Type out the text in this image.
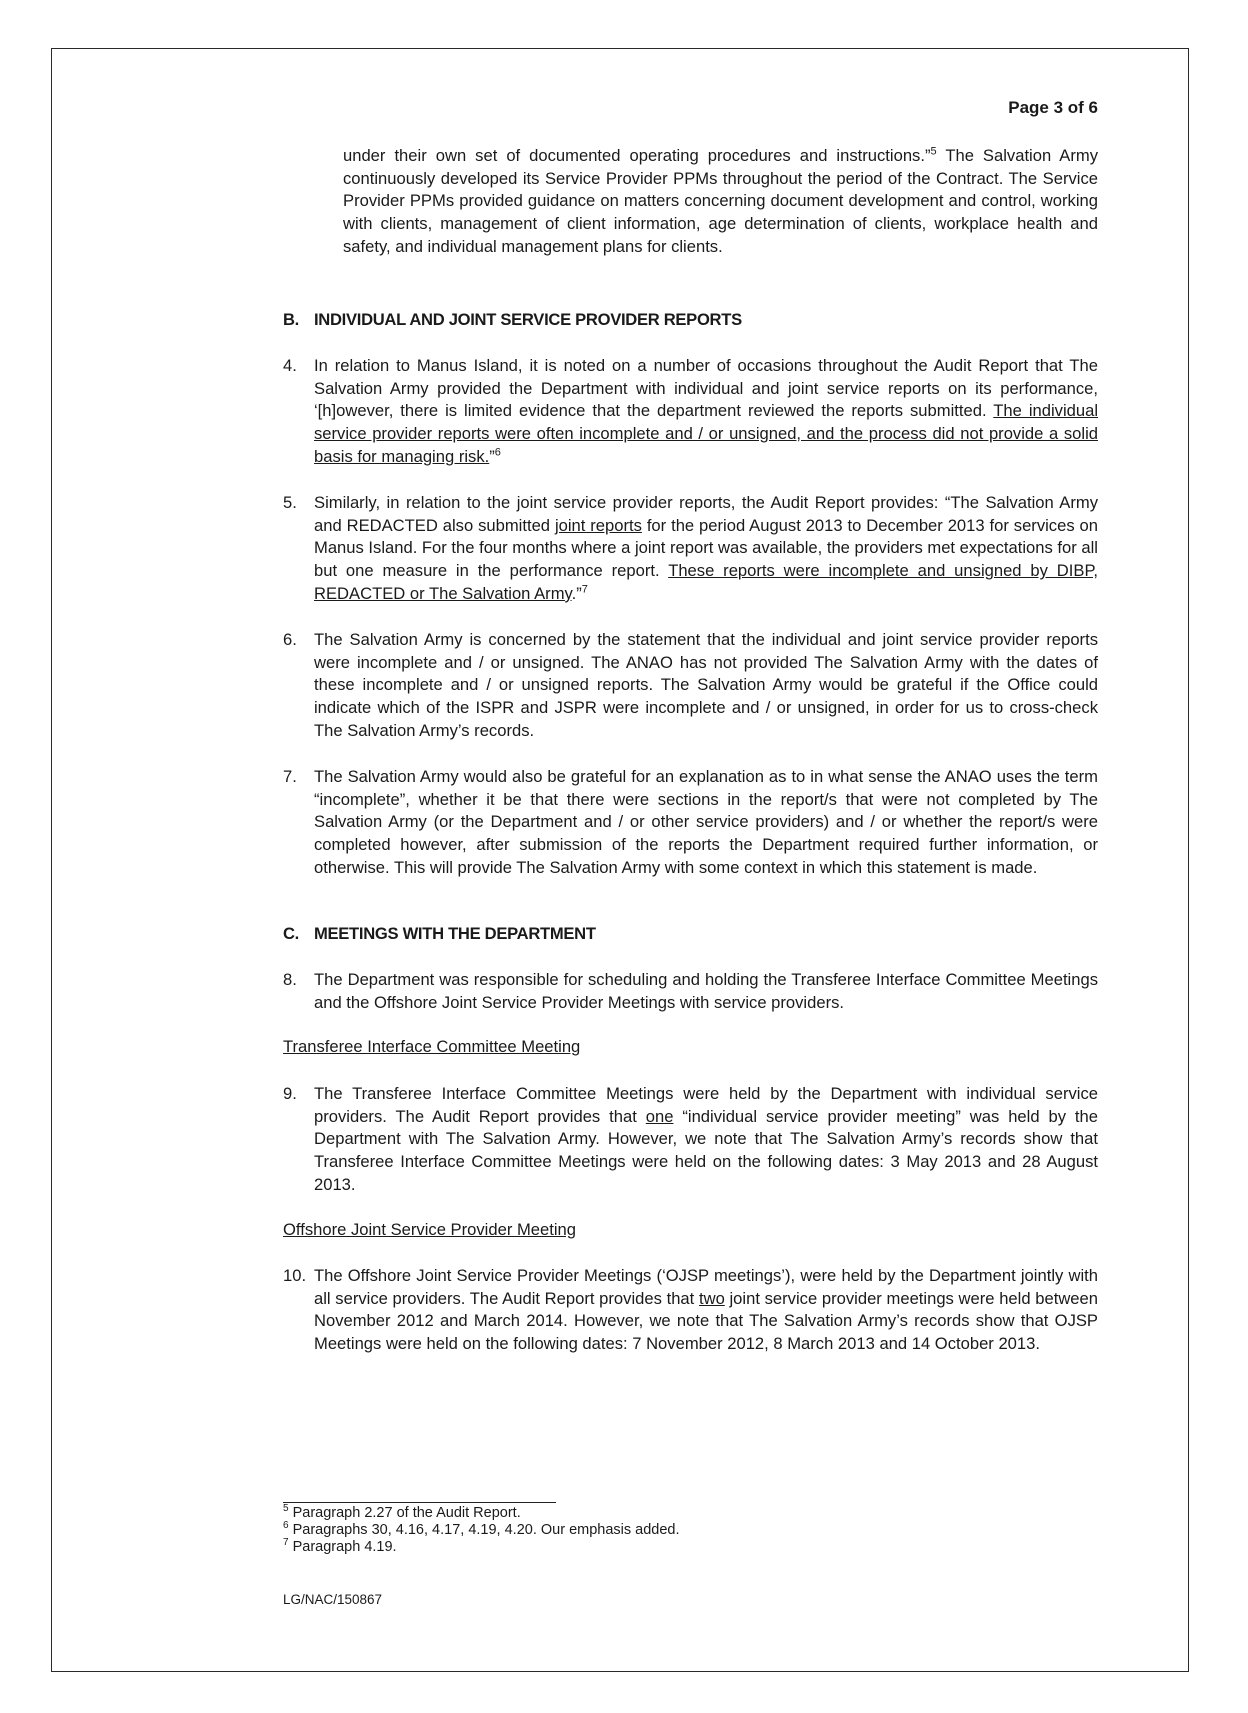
Page 3 of 6
under their own set of documented operating procedures and instructions.”$^5$ The Salvation Army continuously developed its Service Provider PPMs throughout the period of the Contract. The Service Provider PPMs provided guidance on matters concerning document development and control, working with clients, management of client information, age determination of clients, workplace health and safety, and individual management plans for clients.
B. INDIVIDUAL AND JOINT SERVICE PROVIDER REPORTS
4.	In relation to Manus Island, it is noted on a number of occasions throughout the Audit Report that The Salvation Army provided the Department with individual and joint service reports on its performance, ‘[h]owever, there is limited evidence that the department reviewed the reports submitted. The individual service provider reports were often incomplete and / or unsigned, and the process did not provide a solid basis for managing risk.”$^6$
5.	Similarly, in relation to the joint service provider reports, the Audit Report provides: “The Salvation Army and REDACTED also submitted joint reports for the period August 2013 to December 2013 for services on Manus Island. For the four months where a joint report was available, the providers met expectations for all but one measure in the performance report. These reports were incomplete and unsigned by DIBP, REDACTED or The Salvation Army.”$^7$
6.	The Salvation Army is concerned by the statement that the individual and joint service provider reports were incomplete and / or unsigned. The ANAO has not provided The Salvation Army with the dates of these incomplete and / or unsigned reports. The Salvation Army would be grateful if the Office could indicate which of the ISPR and JSPR were incomplete and / or unsigned, in order for us to cross-check The Salvation Army’s records.
7.	The Salvation Army would also be grateful for an explanation as to in what sense the ANAO uses the term “incomplete”, whether it be that there were sections in the report/s that were not completed by The Salvation Army (or the Department and / or other service providers) and / or whether the report/s were completed however, after submission of the reports the Department required further information, or otherwise. This will provide The Salvation Army with some context in which this statement is made.
C. MEETINGS WITH THE DEPARTMENT
8.	The Department was responsible for scheduling and holding the Transferee Interface Committee Meetings and the Offshore Joint Service Provider Meetings with service providers.
Transferee Interface Committee Meeting
9.	The Transferee Interface Committee Meetings were held by the Department with individual service providers. The Audit Report provides that one “individual service provider meeting” was held by the Department with The Salvation Army. However, we note that The Salvation Army’s records show that Transferee Interface Committee Meetings were held on the following dates: 3 May 2013 and 28 August 2013.
Offshore Joint Service Provider Meeting
10. The Offshore Joint Service Provider Meetings (‘OJSP meetings’), were held by the Department jointly with all service providers. The Audit Report provides that two joint service provider meetings were held between November 2012 and March 2014. However, we note that The Salvation Army’s records show that OJSP Meetings were held on the following dates: 7 November 2012, 8 March 2013 and 14 October 2013.
$^5$ Paragraph 2.27 of the Audit Report.
$^6$ Paragraphs 30, 4.16, 4.17, 4.19, 4.20. Our emphasis added.
$^7$ Paragraph 4.19.
LG/NAC/150867
